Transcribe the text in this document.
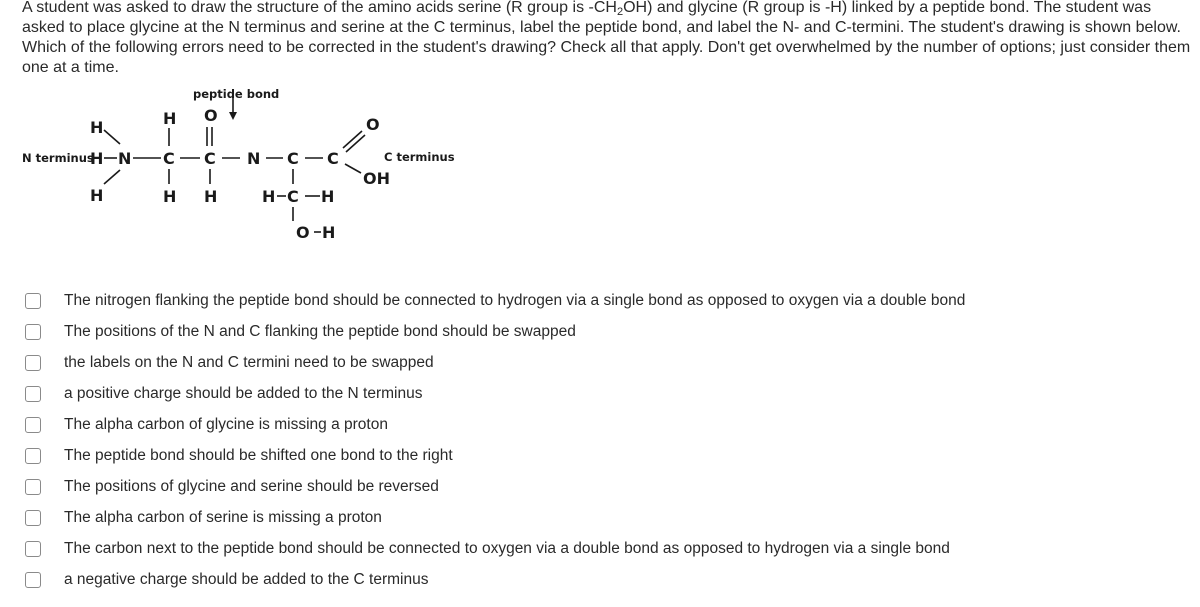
A student was asked to draw the structure of the amino acids serine (R group is $-CH_2OH$) and glycine (R group is -H) linked by a peptide bond. The student was asked to place glycine at the N terminus and serine at the C terminus, label the peptide bond, and label the N- and C-termini. The student's drawing is shown below. Which of the following errors need to be corrected in the student's drawing? Check all that apply. Don't get overwhelmed by the number of options; just consider them one at a time.
peptide bond
N terminus	C terminus
H
H
H N C C N C C
H
H
O
H	H C H
O H
O
OH
The nitrogen flanking the peptide bond should be connected to hydrogen via a single bond as opposed to oxygen via a double bond
The positions of the N and C flanking the peptide bond should be swapped
the labels on the N and C termini need to be swapped
a positive charge should be added to the N terminus
The alpha carbon of glycine is missing a proton
The peptide bond should be shifted one bond to the right
The positions of glycine and serine should be reversed
The alpha carbon of serine is missing a proton
The carbon next to the peptide bond should be connected to oxygen via a double bond as opposed to hydrogen via a single bond
a negative charge should be added to the C terminus
